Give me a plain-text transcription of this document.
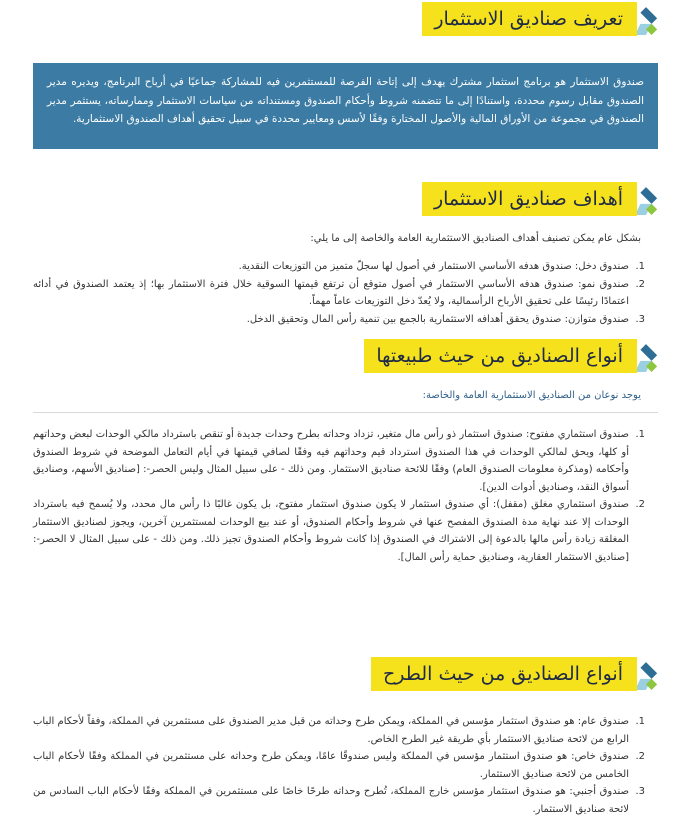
تعريف صناديق الاستثمار
صندوق الاستثمار هو برنامج استثمار مشترك يهدف إلى إتاحة الفرصة للمستثمرين فيه للمشاركة جماعيًا في أرباح البرنامج، ويديره مدير الصندوق مقابل رسوم محددة، واستنادًا إلى ما تتضمنه شروط وأحكام الصندوق ومستنداته من سياسات الاستثمار وممارساته، يستثمر مدير الصندوق في مجموعة من الأوراق المالية والأصول المختارة وفقًا لأسس ومعايير محددة في سبيل تحقيق أهداف الصندوق الاستثمارية.
أهداف صناديق الاستثمار
بشكل عام يمكن تصنيف أهداف الصناديق الاستثمارية العامة والخاصة إلى ما يلي:
1.
صندوق دخل: صندوق هدفه الأساسي الاستثمار في أصول لها سجلّ متميز من التوزيعات النقدية.
2.
صندوق نمو: صندوق هدفه الأساسي الاستثمار في أصول متوقع أن ترتفع قيمتها السوقية خلال فترة الاستثمار بها؛ إذ يعتمد الصندوق في أدائه اعتمادًا رئيسًا على تحقيق الأرباح الرأسمالية، ولا يُعدّ دخل التوزيعات عاماً مهماً.
3.
صندوق متوازن: صندوق يحقق أهدافه الاستثمارية بالجمع بين تنمية رأس المال وتحقيق الدخل.
أنواع الصناديق من حيث طبيعتها
يوجد نوعان من الصناديق الاستثمارية العامة والخاصة:
1.
صندوق استثماري مفتوح: صندوق استثمار ذو رأس مال متغير، تزداد وحداته بطرح وحدات جديدة أو تنقص باسترداد مالكي الوحدات لبعض وحداتهم أو كلها، ويحق لمالكي الوحدات في هذا الصندوق استرداد قيم وحداتهم فيه وفقًا لصافي قيمتها في أيام التعامل الموضحة في شروط الصندوق وأحكامه (ومذكرة معلومات الصندوق العام) وفقًا للائحة صناديق الاستثمار. ومن ذلك - على سبيل المثال وليس الحصر-: [صناديق الأسهم، وصناديق أسواق النقد، وصناديق أدوات الدين].
2.
صندوق استثماري مغلق (مقفل): أي صندوق استثمار لا يكون صندوق استثمار مفتوح، بل يكون غالبًا ذا رأس مال محدد، ولا يُسمح فيه باسترداد الوحدات إلا عند نهاية مدة الصندوق المفصح عنها في شروط وأحكام الصندوق، أو عند بيع الوحدات لمستثمرين آخرين، ويجوز لصناديق الاستثمار المغلقة زيادة رأس مالها بالدعوة إلى الاشتراك في الصندوق إذا كانت شروط وأحكام الصندوق تجيز ذلك. ومن ذلك - على سبيل المثال لا الحصر-: [صناديق الاستثمار العقارية، وصناديق حماية رأس المال].
أنواع الصناديق من حيث الطرح
1.
صندوق عام: هو صندوق استثمار مؤسس في المملكة، ويمكن طرح وحداته من قبل مدير الصندوق على مستثمرين في المملكة، وفقاً لأحكام الباب الرابع من لائحة صناديق الاستثمار بأي طريقة غير الطرح الخاص.
2.
صندوق خاص: هو صندوق استثمار مؤسس في المملكة وليس صندوقًا عامًا، ويمكن طرح وحداته على مستثمرين في المملكة وفقًا لأحكام الباب الخامس من لائحة صناديق الاستثمار.
3.
صندوق أجنبي: هو صندوق استثمار مؤسس خارج المملكة، تُطرح وحداته طرحًا خاصًا على مستثمرين في المملكة وفقًا لأحكام الباب السادس من لائحة صناديق الاستثمار.
